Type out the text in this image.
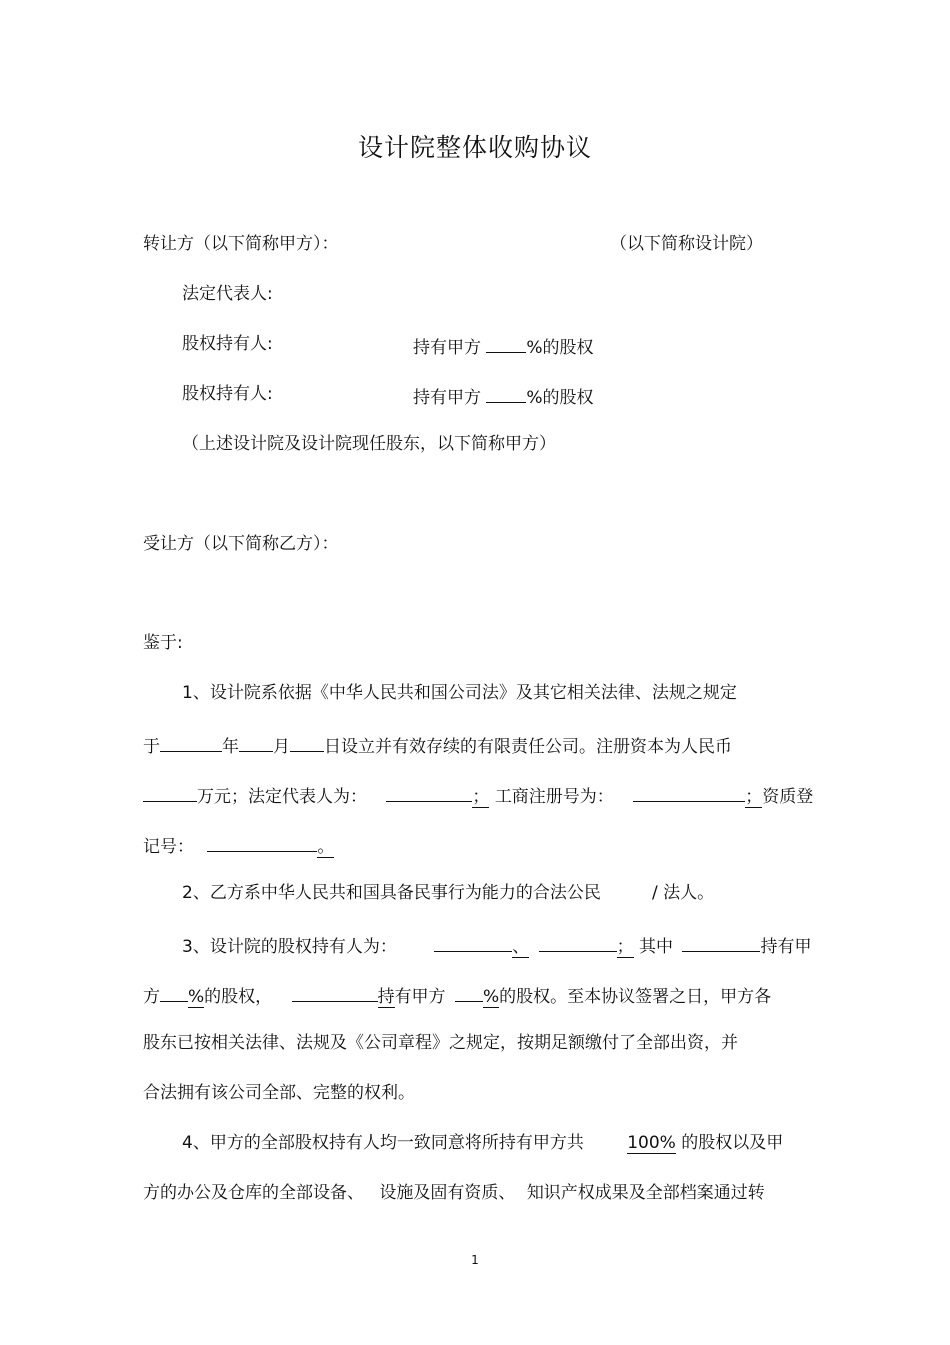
设计院整体收购协议
转让方（以下简称甲方）：	（以下简称设计院）
法定代表人:
股权持有人:	持有甲方	%的股权
股权持有人:	持有甲方	%的股权
（上述设计院及设计院现任股东，以下简称甲方）
受让方（以下简称乙方）：
鉴于:
1、设计院系依据《中华人民共和国公司法》及其它相关法律、法规之规定
于	年 月 日设立并有效存续的有限责任公司。注册资本为人民币
万元；法定代表人为：	； 工商注册号为：	；资质登
记号：	。
2、乙方系中华人民共和国具备民事行为能力的合法公民	/ 法人。
3、设计院的股权持有人为：	、	； 其中	持有甲
方 %的股权，	持有甲方 %的股权。至本协议签署之日，甲方各
股东已按相关法律、法规及《公司章程》之规定，按期足额缴付了全部出资，并
合法拥有该公司全部、完整的权利。
4、甲方的全部股权持有人均一致同意将所持有甲方共	100% 的股权以及甲
方的办公及仓库的全部设备、 设施及固有资质、 知识产权成果及全部档案通过转
1
